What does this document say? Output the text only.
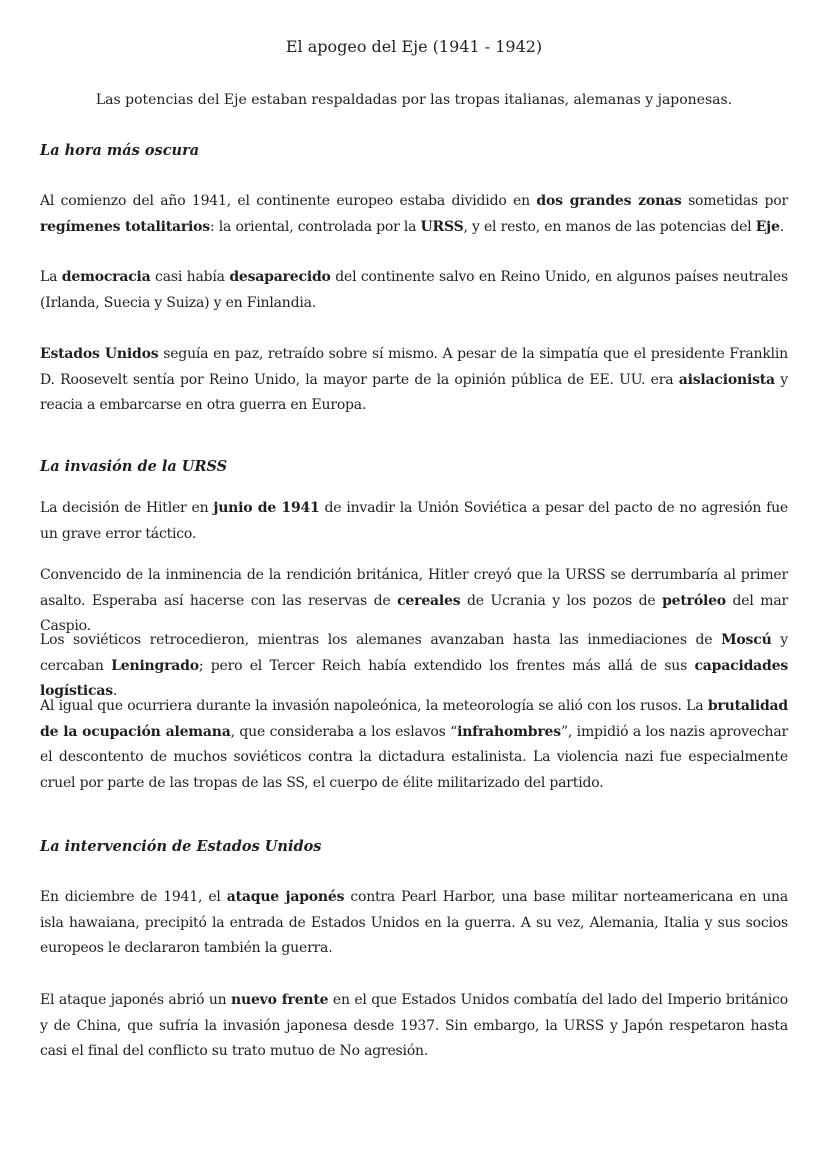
El apogeo del Eje (1941 - 1942)
Las potencias del Eje estaban respaldadas por las tropas italianas, alemanas y japonesas.
La hora más oscura

Al comienzo del año 1941, el continente europeo estaba dividido en dos grandes zonas sometidas por regímenes totalitarios: la oriental, controlada por la URSS, y el resto, en manos de las potencias del Eje.

La democracia casi había desaparecido del continente salvo en Reino Unido, en algunos países neutrales (Irlanda, Suecia y Suiza) y en Finlandia.

Estados Unidos seguía en paz, retraído sobre sí mismo. A pesar de la simpatía que el presidente Franklin D. Roosevelt sentía por Reino Unido, la mayor parte de la opinión pública de EE. UU. era aislacionista y reacia a embarcarse en otra guerra en Europa.

La invasión de la URSS

La decisión de Hitler en junio de 1941 de invadir la Unión Soviética a pesar del pacto de no agresión fue un grave error táctico.

Convencido de la inminencia de la rendición británica, Hitler creyó que la URSS se derrumbaría al primer asalto. Esperaba así hacerse con las reservas de cereales de Ucrania y los pozos de petróleo del mar Caspio.

Los soviéticos retrocedieron, mientras los alemanes avanzaban hasta las inmediaciones de Moscú y cercaban Leningrado; pero el Tercer Reich había extendido los frentes más allá de sus capacidades logísticas.

Al igual que ocurriera durante la invasión napoleónica, la meteorología se alió con los rusos. La brutalidad de la ocupación alemana, que consideraba a los eslavos “infrahombres”, impidió a los nazis aprovechar el descontento de muchos soviéticos contra la dictadura estalinista. La violencia nazi fue especialmente cruel por parte de las tropas de las SS, el cuerpo de élite militarizado del partido.

La intervención de Estados Unidos

En diciembre de 1941, el ataque japonés contra Pearl Harbor, una base militar norteamericana en una isla hawaiana, precipitó la entrada de Estados Unidos en la guerra. A su vez, Alemania, Italia y sus socios europeos le declararon también la guerra.

El ataque japonés abrió un nuevo frente en el que Estados Unidos combatía del lado del Imperio británico y de China, que sufría la invasión japonesa desde 1937. Sin embargo, la URSS y Japón respetaron hasta casi el final del conflicto su trato mutuo de No agresión.
